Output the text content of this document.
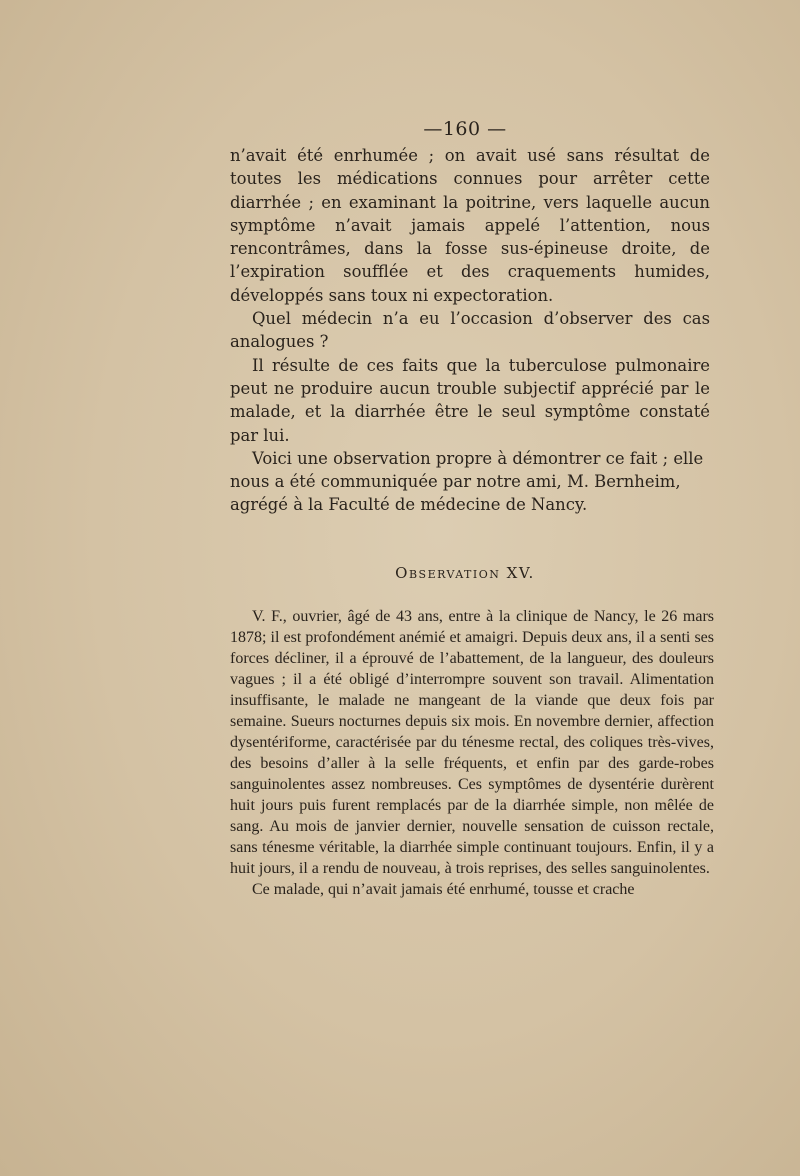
—160 —

n’avait été enrhumée ; on avait usé sans résultat de toutes les médications connues pour arrêter cette diarrhée ; en examinant la poitrine, vers laquelle aucun symptôme n’avait jamais appelé l’attention, nous rencontrâmes, dans la fosse sus-épineuse droite, de l’expiration soufflée et des craquements humides, développés sans toux ni expectoration.

Quel médecin n’a eu l’occasion d’observer des cas analogues ?

Il résulte de ces faits que la tuberculose pulmonaire peut ne produire aucun trouble subjectif apprécié par le malade, et la diarrhée être le seul symptôme constaté par lui.

Voici une observation propre à démontrer ce fait ; elle nous a été communiquée par notre ami, M. Bernheim, agrégé à la Faculté de médecine de Nancy.

Observation XV.

V. F., ouvrier, âgé de 43 ans, entre à la clinique de Nancy, le 26 mars 1878; il est profondément anémié et amaigri. Depuis deux ans, il a senti ses forces décliner, il a éprouvé de l’abattement, de la langueur, des douleurs vagues ; il a été obligé d’interrompre souvent son travail. Alimentation insuffisante, le malade ne mangeant de la viande que deux fois par semaine. Sueurs nocturnes depuis six mois. En novembre dernier, affection dysentériforme, caractérisée par du ténesme rectal, des coliques très-vives, des besoins d’aller à la selle fréquents, et enfin par des garde-robes sanguinolentes assez nombreuses. Ces symptômes de dysentérie durèrent huit jours puis furent remplacés par de la diarrhée simple, non mêlée de sang. Au mois de janvier dernier, nouvelle sensation de cuisson rectale, sans ténesme véritable, la diarrhée simple continuant toujours. Enfin, il y a huit jours, il a rendu de nouveau, à trois reprises, des selles sanguinolentes.

Ce malade, qui n’avait jamais été enrhumé, tousse et crache
